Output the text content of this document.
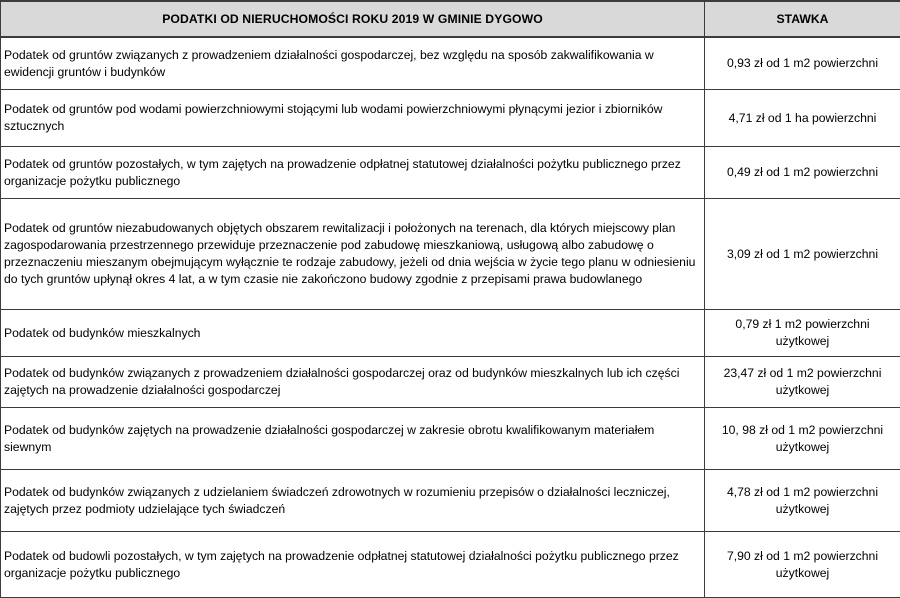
PODATKI OD NIERUCHOMOŚCI ROKU 2019 W GMINIE DYGOWO	STAWKA
Podatek od gruntów związanych z prowadzeniem działalności gospodarczej, bez względu na sposób zakwalifikowania w ewidencji gruntów i budynków	0,93 zł od 1 m2 powierzchni
Podatek od gruntów pod wodami powierzchniowymi stojącymi lub wodami powierzchniowymi płynącymi jezior i zbiorników sztucznych	4,71 zł od 1 ha powierzchni
Podatek od gruntów pozostałych, w tym zajętych na prowadzenie odpłatnej statutowej działalności pożytku publicznego przez organizacje pożytku publicznego	0,49 zł od 1 m2 powierzchni
Podatek od gruntów niezabudowanych objętych obszarem rewitalizacji i położonych na terenach, dla których miejscowy plan zagospodarowania przestrzennego przewiduje przeznaczenie pod zabudowę mieszkaniową, usługową albo zabudowę o przeznaczeniu mieszanym obejmującym wyłącznie te rodzaje zabudowy, jeżeli od dnia wejścia w życie tego planu w odniesieniu do tych gruntów upłynął okres 4 lat, a w tym czasie nie zakończono budowy zgodnie z przepisami prawa budowlanego	3,09 zł od 1 m2 powierzchni
Podatek od budynków mieszkalnych	0,79 zł 1 m2 powierzchni użytkowej
Podatek od budynków związanych z prowadzeniem działalności gospodarczej oraz od budynków mieszkalnych lub ich części zajętych na prowadzenie działalności gospodarczej	23,47 zł od 1 m2 powierzchni użytkowej
Podatek od budynków zajętych na prowadzenie działalności gospodarczej w zakresie obrotu kwalifikowanym materiałem siewnym	10, 98 zł od 1 m2 powierzchni użytkowej
Podatek od budynków związanych z udzielaniem świadczeń zdrowotnych w rozumieniu przepisów o działalności leczniczej, zajętych przez podmioty udzielające tych świadczeń	4,78 zł od 1 m2 powierzchni użytkowej
Podatek od budowli pozostałych, w tym zajętych na prowadzenie odpłatnej statutowej działalności pożytku publicznego przez organizacje pożytku publicznego	7,90 zł od 1 m2 powierzchni użytkowej
